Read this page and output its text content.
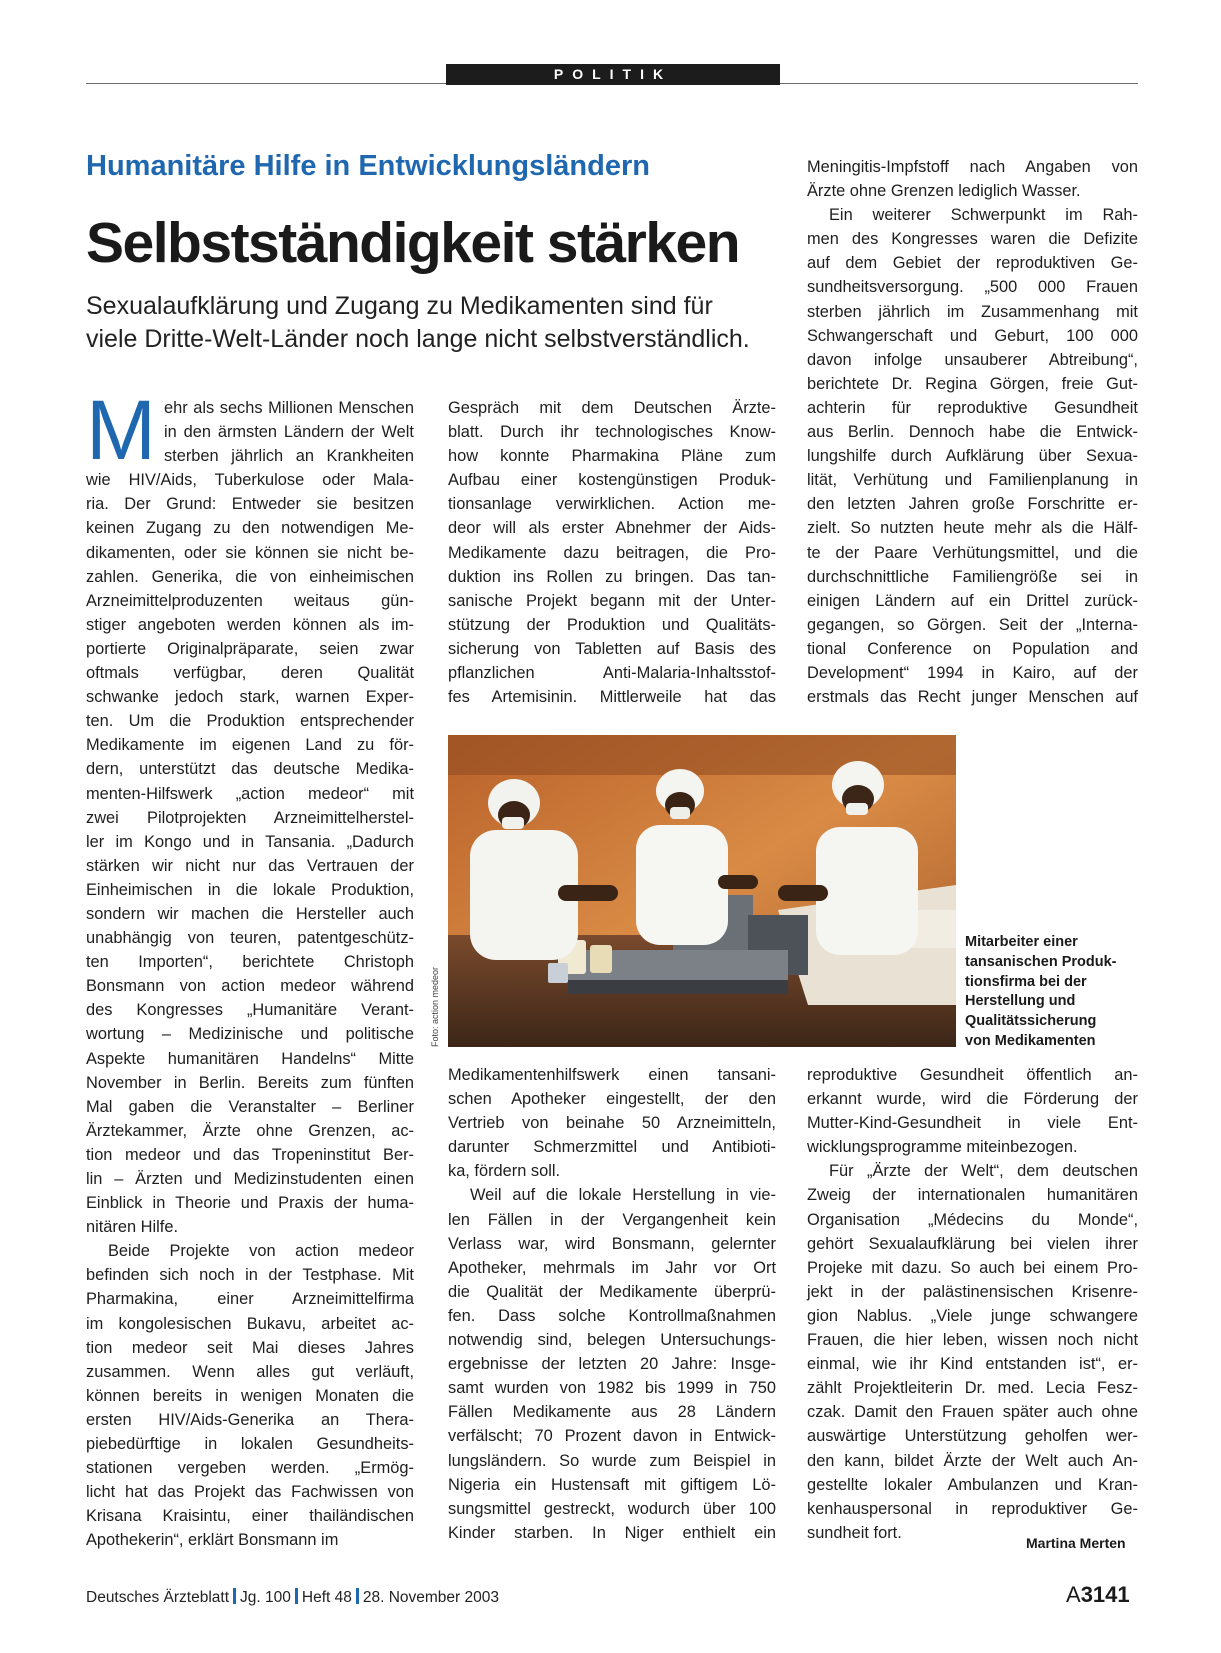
POLITIK
Humanitäre Hilfe in Entwicklungsländern
Selbstständigkeit stärken
Sexualaufklärung und Zugang zu Medikamenten sind für
viele Dritte-Welt-Länder noch lange nicht selbstverständlich.
M ehr als sechs Millionen Menschen
in den ärmsten Ländern der Welt
sterben jährlich an Krankheiten
wie HIV/Aids, Tuberkulose oder Mala-
ria. Der Grund: Entweder sie besitzen
keinen Zugang zu den notwendigen Me-
dikamenten, oder sie können sie nicht be-
zahlen. Generika, die von einheimischen
Arzneimittelproduzenten weitaus gün-
stiger angeboten werden können als im-
portierte Originalpräparate, seien zwar
oftmals verfügbar, deren Qualität
schwanke jedoch stark, warnen Exper-
ten. Um die Produktion entsprechender
Medikamente im eigenen Land zu för-
dern, unterstützt das deutsche Medika-
menten-Hilfswerk „action medeor“ mit
zwei Pilotprojekten Arzneimittelherstel-
ler im Kongo und in Tansania. „Dadurch
stärken wir nicht nur das Vertrauen der
Einheimischen in die lokale Produktion,
sondern wir machen die Hersteller auch
unabhängig von teuren, patentgeschütz-
ten Importen“, berichtete Christoph
Bonsmann von action medeor während
des Kongresses „Humanitäre Verant-
wortung – Medizinische und politische
Aspekte humanitären Handelns“ Mitte
November in Berlin. Bereits zum fünften
Mal gaben die Veranstalter – Berliner
Ärztekammer, Ärzte ohne Grenzen, ac-
tion medeor und das Tropeninstitut Ber-
lin – Ärzten und Medizinstudenten einen
Einblick in Theorie und Praxis der huma-
nitären Hilfe.
Beide Projekte von action medeor
befinden sich noch in der Testphase. Mit
Pharmakina, einer Arzneimittelfirma
im kongolesischen Bukavu, arbeitet ac-
tion medeor seit Mai dieses Jahres
zusammen. Wenn alles gut verläuft,
können bereits in wenigen Monaten die
ersten HIV/Aids-Generika an Thera-
piebedürftige in lokalen Gesundheits-
stationen vergeben werden. „Ermög-
licht hat das Projekt das Fachwissen von
Krisana Kraisintu, einer thailändischen
Apothekerin“, erklärt Bonsmann im
Gespräch mit dem Deutschen Ärzte-
blatt. Durch ihr technologisches Know-
how konnte Pharmakina Pläne zum
Aufbau einer kostengünstigen Produk-
tionsanlage verwirklichen. Action me-
deor will als erster Abnehmer der Aids-
Medikamente dazu beitragen, die Pro-
duktion ins Rollen zu bringen. Das tan-
sanische Projekt begann mit der Unter-
stützung der Produktion und Qualitäts-
sicherung von Tabletten auf Basis des
pflanzlichen Anti-Malaria-Inhaltsstof-
fes Artemisinin. Mittlerweile hat das
Medikamentenhilfswerk einen tansani-
schen Apotheker eingestellt, der den
Vertrieb von beinahe 50 Arzneimitteln,
darunter Schmerzmittel und Antibioti-
ka, fördern soll.
Weil auf die lokale Herstellung in vie-
len Fällen in der Vergangenheit kein
Verlass war, wird Bonsmann, gelernter
Apotheker, mehrmals im Jahr vor Ort
die Qualität der Medikamente überprü-
fen. Dass solche Kontrollmaßnahmen
notwendig sind, belegen Untersuchungs-
ergebnisse der letzten 20 Jahre: Insge-
samt wurden von 1982 bis 1999 in 750
Fällen Medikamente aus 28 Ländern
verfälscht; 70 Prozent davon in Entwick-
lungsländern. So wurde zum Beispiel in
Nigeria ein Hustensaft mit giftigem Lö-
sungsmittel gestreckt, wodurch über 100
Kinder starben. In Niger enthielt ein
Meningitis-Impfstoff nach Angaben von
Ärzte ohne Grenzen lediglich Wasser.
Ein weiterer Schwerpunkt im Rah-
men des Kongresses waren die Defizite
auf dem Gebiet der reproduktiven Ge-
sundheitsversorgung. „500 000 Frauen
sterben jährlich im Zusammenhang mit
Schwangerschaft und Geburt, 100 000
davon infolge unsauberer Abtreibung“,
berichtete Dr. Regina Görgen, freie Gut-
achterin für reproduktive Gesundheit
aus Berlin. Dennoch habe die Entwick-
lungshilfe durch Aufklärung über Sexua-
lität, Verhütung und Familienplanung in
den letzten Jahren große Forschritte er-
zielt. So nutzten heute mehr als die Hälf-
te der Paare Verhütungsmittel, und die
durchschnittliche Familiengröße sei in
einigen Ländern auf ein Drittel zurück-
gegangen, so Görgen. Seit der „Interna-
tional Conference on Population and
Development“ 1994 in Kairo, auf der
erstmals das Recht junger Menschen auf
reproduktive Gesundheit öffentlich an-
erkannt wurde, wird die Förderung der
Mutter-Kind-Gesundheit in viele Ent-
wicklungsprogramme miteinbezogen.
Für „Ärzte der Welt“, dem deutschen
Zweig der internationalen humanitären
Organisation „Médecins du Monde“,
gehört Sexualaufklärung bei vielen ihrer
Projeke mit dazu. So auch bei einem Pro-
jekt in der palästinensischen Krisenre-
gion Nablus. „Viele junge schwangere
Frauen, die hier leben, wissen noch nicht
einmal, wie ihr Kind entstanden ist“, er-
zählt Projektleiterin Dr. med. Lecia Fesz-
czak. Damit den Frauen später auch ohne
auswärtige Unterstützung geholfen wer-
den kann, bildet Ärzte der Welt auch An-
gestellte lokaler Ambulanzen und Kran-
kenhauspersonal in reproduktiver Ge-
sundheit fort.
Foto: action medeor
Mitarbeiter einer
tansanischen Produk-
tionsfirma bei der
Herstellung und
Qualitätssicherung
von Medikamenten
Martina Merten
Deutsches Ärzteblatt Jg. 100 Heft 48 28. November 2003	A3141
